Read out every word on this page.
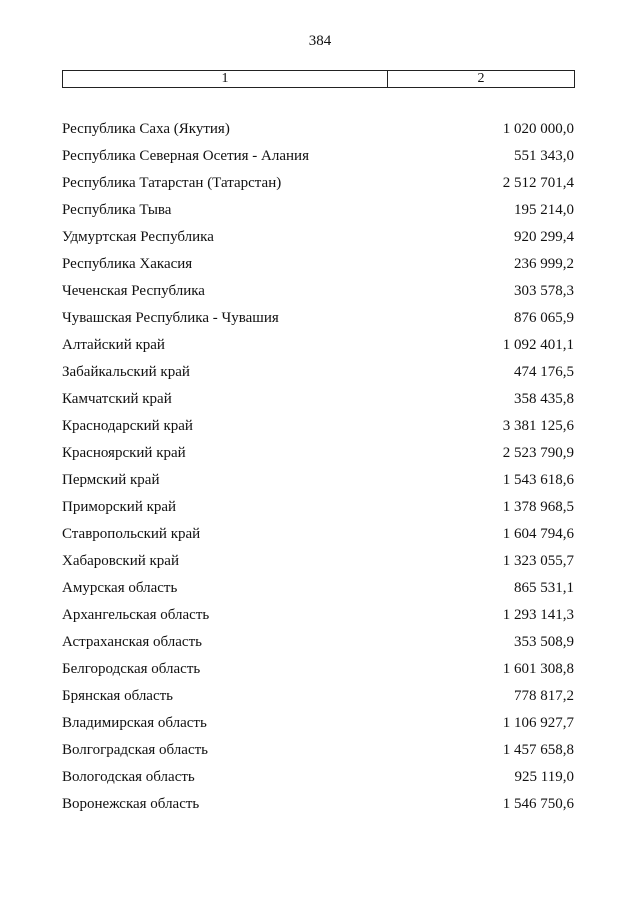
384
1	2
Республика Саха (Якутия)	1 020 000,0
Республика Северная Осетия - Алания	551 343,0
Республика Татарстан (Татарстан)	2 512 701,4
Республика Тыва	195 214,0
Удмуртская Республика	920 299,4
Республика Хакасия	236 999,2
Чеченская Республика	303 578,3
Чувашская Республика - Чувашия	876 065,9
Алтайский край	1 092 401,1
Забайкальский край	474 176,5
Камчатский край	358 435,8
Краснодарский край	3 381 125,6
Красноярский край	2 523 790,9
Пермский край	1 543 618,6
Приморский край	1 378 968,5
Ставропольский край	1 604 794,6
Хабаровский край	1 323 055,7
Амурская область	865 531,1
Архангельская область	1 293 141,3
Астраханская область	353 508,9
Белгородская область	1 601 308,8
Брянская область	778 817,2
Владимирская область	1 106 927,7
Волгоградская область	1 457 658,8
Вологодская область	925 119,0
Воронежская область	1 546 750,6
